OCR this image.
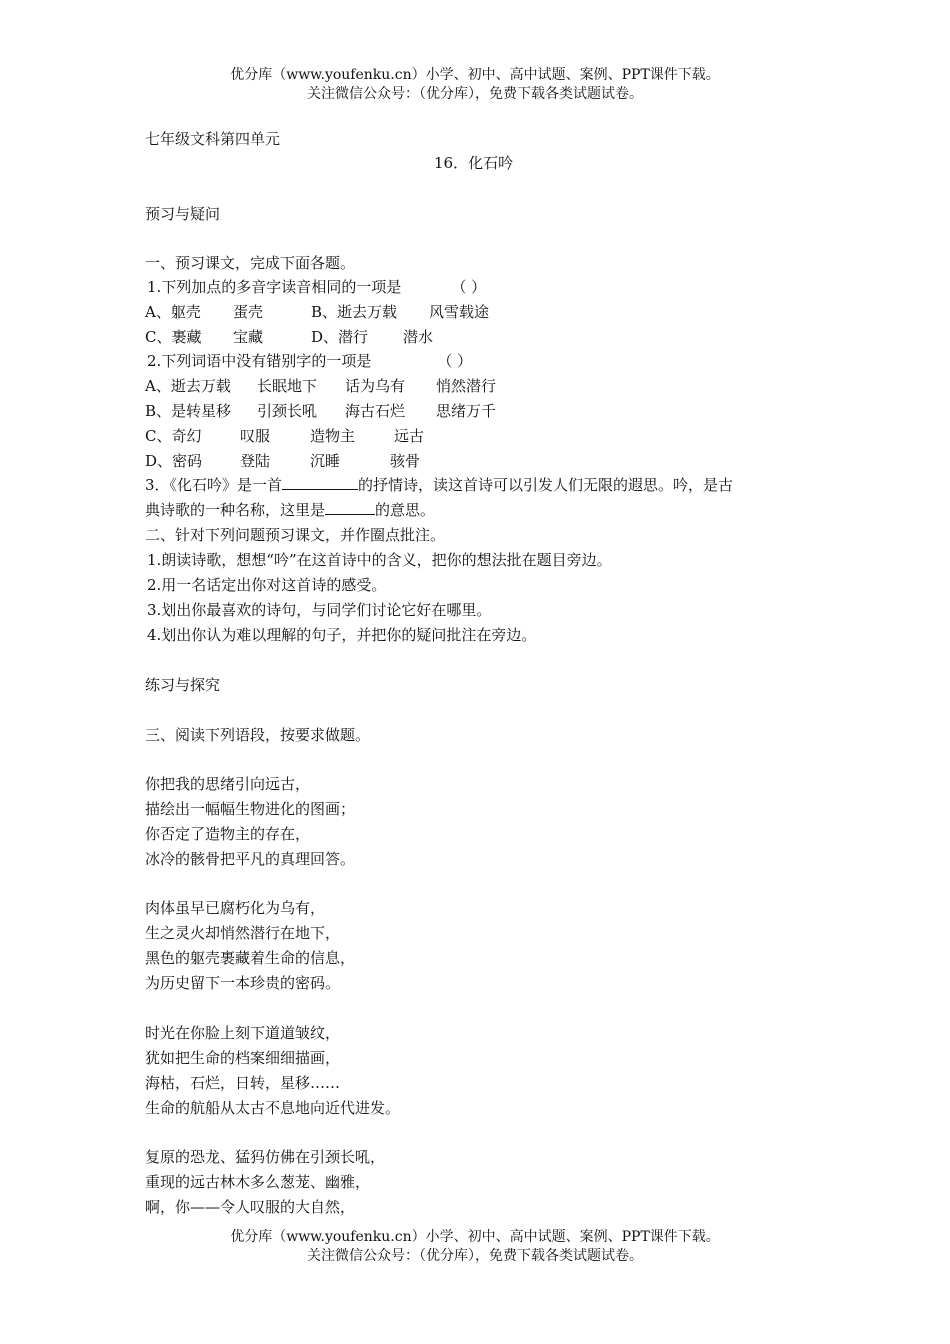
优分库（www.youfenku.cn）小学、初中、高中试题、案例、PPT课件下载。
关注微信公众号：（优分库），免费下载各类试题试卷。
七年级文科第四单元
16．化石吟
预习与疑问
一、预习课文，完成下面各题。
1.下列加点的多音字读音相同的一项是	（ ）
A、躯壳 蛋壳	B、逝去万载 风雪载途
C、裹藏 宝藏	D、潜行 潜水
2.下列词语中没有错别字的一项是	（ ）
A、逝去万载 长眠地下 话为乌有 悄然潜行
B、是转星移 引颈长吼 海古石烂 思绪万千
C、奇幻	叹服	造物主	远古
D、密码	登陆	沉睡	骇骨
3．《化石吟》是一首	的抒情诗，读这首诗可以引发人们无限的遐思。吟，是古
典诗歌的一种名称，这里是	的意思。
二、针对下列问题预习课文，并作圈点批注。
1.朗读诗歌，想想“吟”在这首诗中的含义，把你的想法批在题目旁边。
2.用一名话定出你对这首诗的感受。
3.划出你最喜欢的诗句，与同学们讨论它好在哪里。
4.划出你认为难以理解的句子，并把你的疑问批注在旁边。
练习与探究
三、阅读下列语段，按要求做题。
你把我的思绪引向远古，
描绘出一幅幅生物进化的图画；
你否定了造物主的存在，
冰冷的骸骨把平凡的真理回答。
肉体虽早已腐朽化为乌有，
生之灵火却悄然潜行在地下，
黑色的躯壳裹藏着生命的信息，
为历史留下一本珍贵的密码。
时光在你脸上刻下道道皱纹，
犹如把生命的档案细细描画，
海枯，石烂，日转，星移……
生命的航船从太古不息地向近代进发。
复原的恐龙、猛犸仿佛在引颈长吼，
重现的远古林木多么葱茏、幽雅，
啊，你——令人叹服的大自然，
优分库（www.youfenku.cn）小学、初中、高中试题、案例、PPT课件下载。
关注微信公众号：（优分库），免费下载各类试题试卷。
